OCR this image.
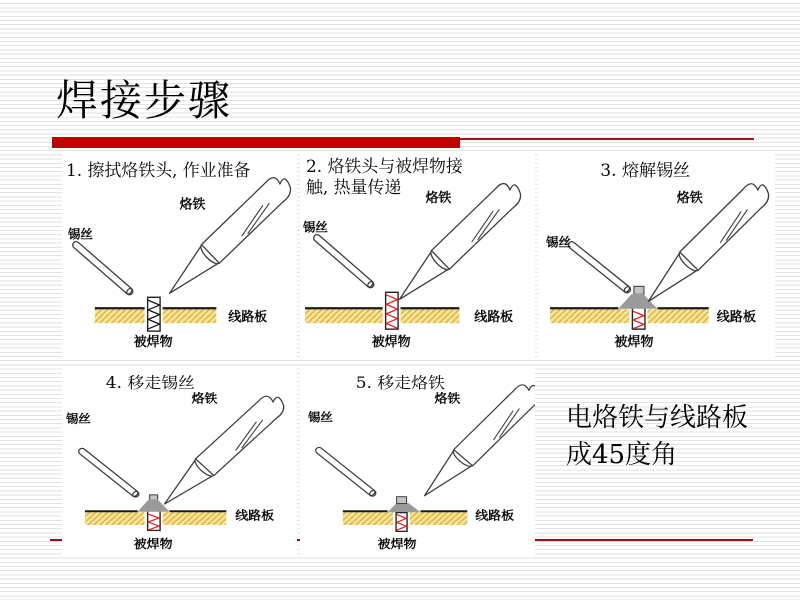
焊接步骤
1. 擦拭烙铁头, 作业准备
烙铁
锡丝
线路板
被焊物
2. 烙铁头与被焊物接
触, 热量传递
烙铁
锡丝
线路板
被焊物
3. 熔解锡丝
烙铁
锡丝
线路板
被焊物
4. 移走锡丝
烙铁
锡丝
线路板
被焊物
5. 移走烙铁
烙铁
锡丝
线路板
被焊物
电烙铁与线路板
成45度角
